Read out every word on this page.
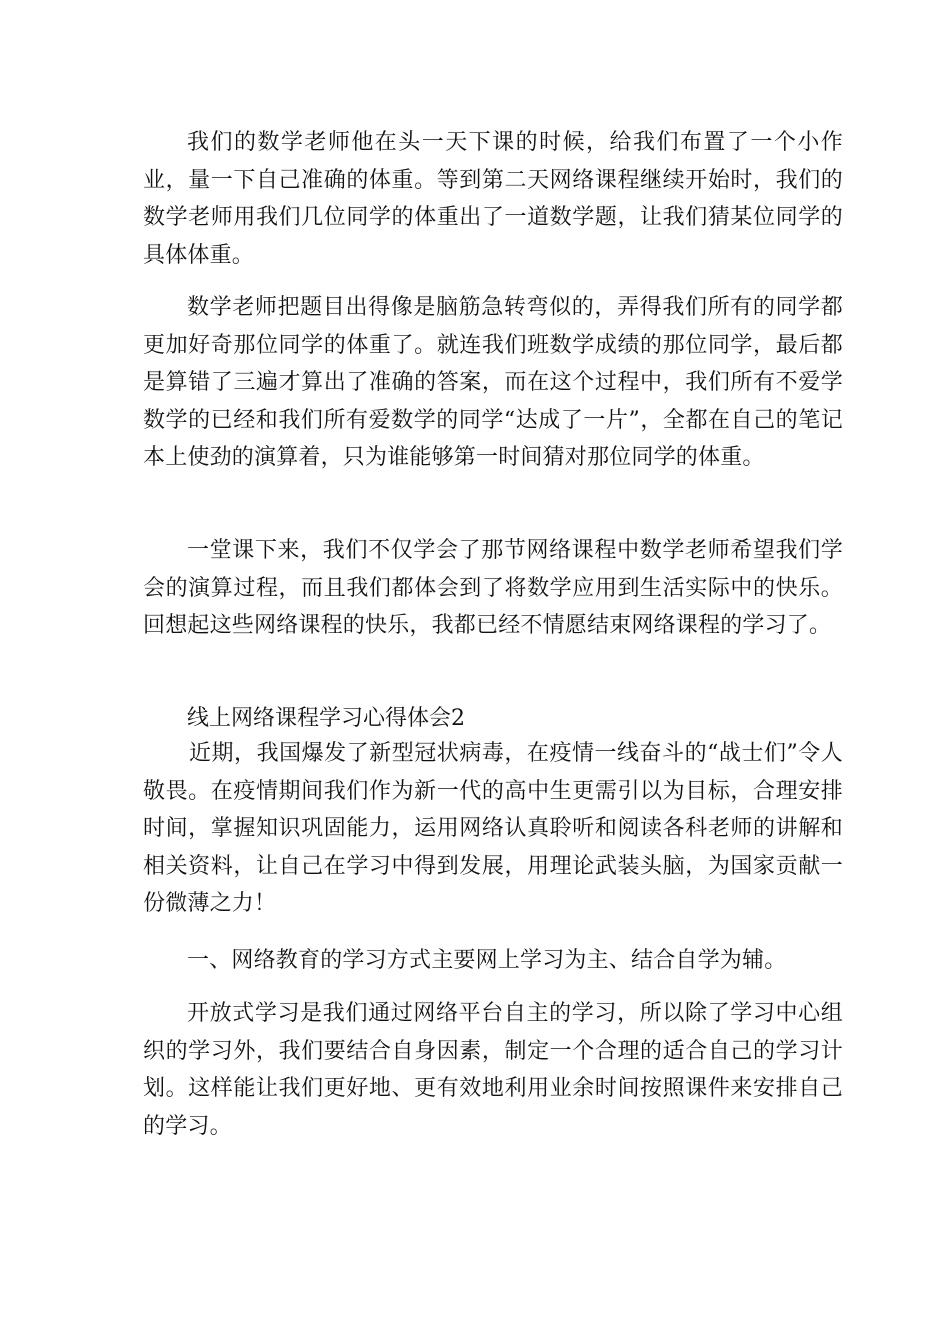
我们的数学老师他在头一天下课的时候，给我们布置了一个小作业，量一下自己准确的体重。等到第二天网络课程继续开始时，我们的数学老师用我们几位同学的体重出了一道数学题，让我们猜某位同学的具体体重。

数学老师把题目出得像是脑筋急转弯似的，弄得我们所有的同学都更加好奇那位同学的体重了。就连我们班数学成绩的那位同学，最后都是算错了三遍才算出了准确的答案，而在这个过程中，我们所有不爱学数学的已经和我们所有爱数学的同学“达成了一片”，全都在自己的笔记本上使劲的演算着，只为谁能够第一时间猜对那位同学的体重。

一堂课下来，我们不仅学会了那节网络课程中数学老师希望我们学会的演算过程，而且我们都体会到了将数学应用到生活实际中的快乐。回想起这些网络课程的快乐，我都已经不情愿结束网络课程的学习了。

线上网络课程学习心得体会2

近期，我国爆发了新型冠状病毒，在疫情一线奋斗的“战士们”令人敬畏。在疫情期间我们作为新一代的高中生更需引以为目标，合理安排时间，掌握知识巩固能力，运用网络认真聆听和阅读各科老师的讲解和相关资料，让自己在学习中得到发展，用理论武装头脑，为国家贡献一份微薄之力！

一、网络教育的学习方式主要网上学习为主、结合自学为辅。

开放式学习是我们通过网络平台自主的学习，所以除了学习中心组织的学习外，我们要结合自身因素，制定一个合理的适合自己的学习计划。这样能让我们更好地、更有效地利用业余时间按照课件来安排自己的学习。
